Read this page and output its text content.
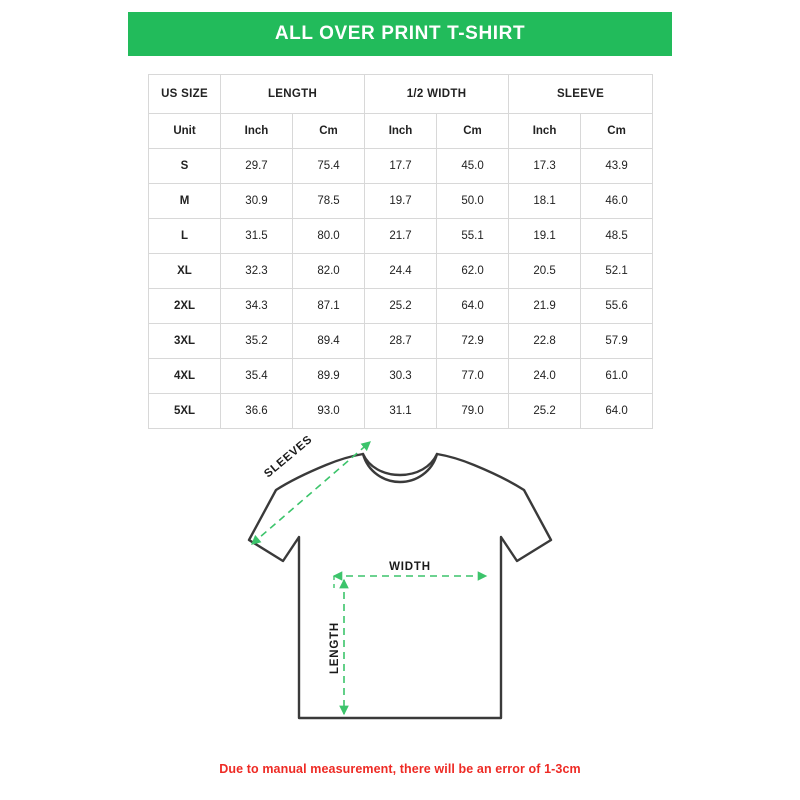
ALL OVER PRINT T-SHIRT
US SIZE	LENGTH		1/2 WIDTH		SLEEVE	
Unit	Inch	Cm	Inch	Cm	Inch	Cm
S	29.7	75.4	17.7	45.0	17.3	43.9
M	30.9	78.5	19.7	50.0	18.1	46.0
L	31.5	80.0	21.7	55.1	19.1	48.5
XL	32.3	82.0	24.4	62.0	20.5	52.1
2XL	34.3	87.1	25.2	64.0	21.9	55.6
3XL	35.2	89.4	28.7	72.9	22.8	57.9
4XL	35.4	89.9	30.3	77.0	24.0	61.0
5XL	36.6	93.0	31.1	79.0	25.2	64.0
SLEEVES
WIDTH
LENGTH
Due to manual measurement, there will be an error of 1-3cm
